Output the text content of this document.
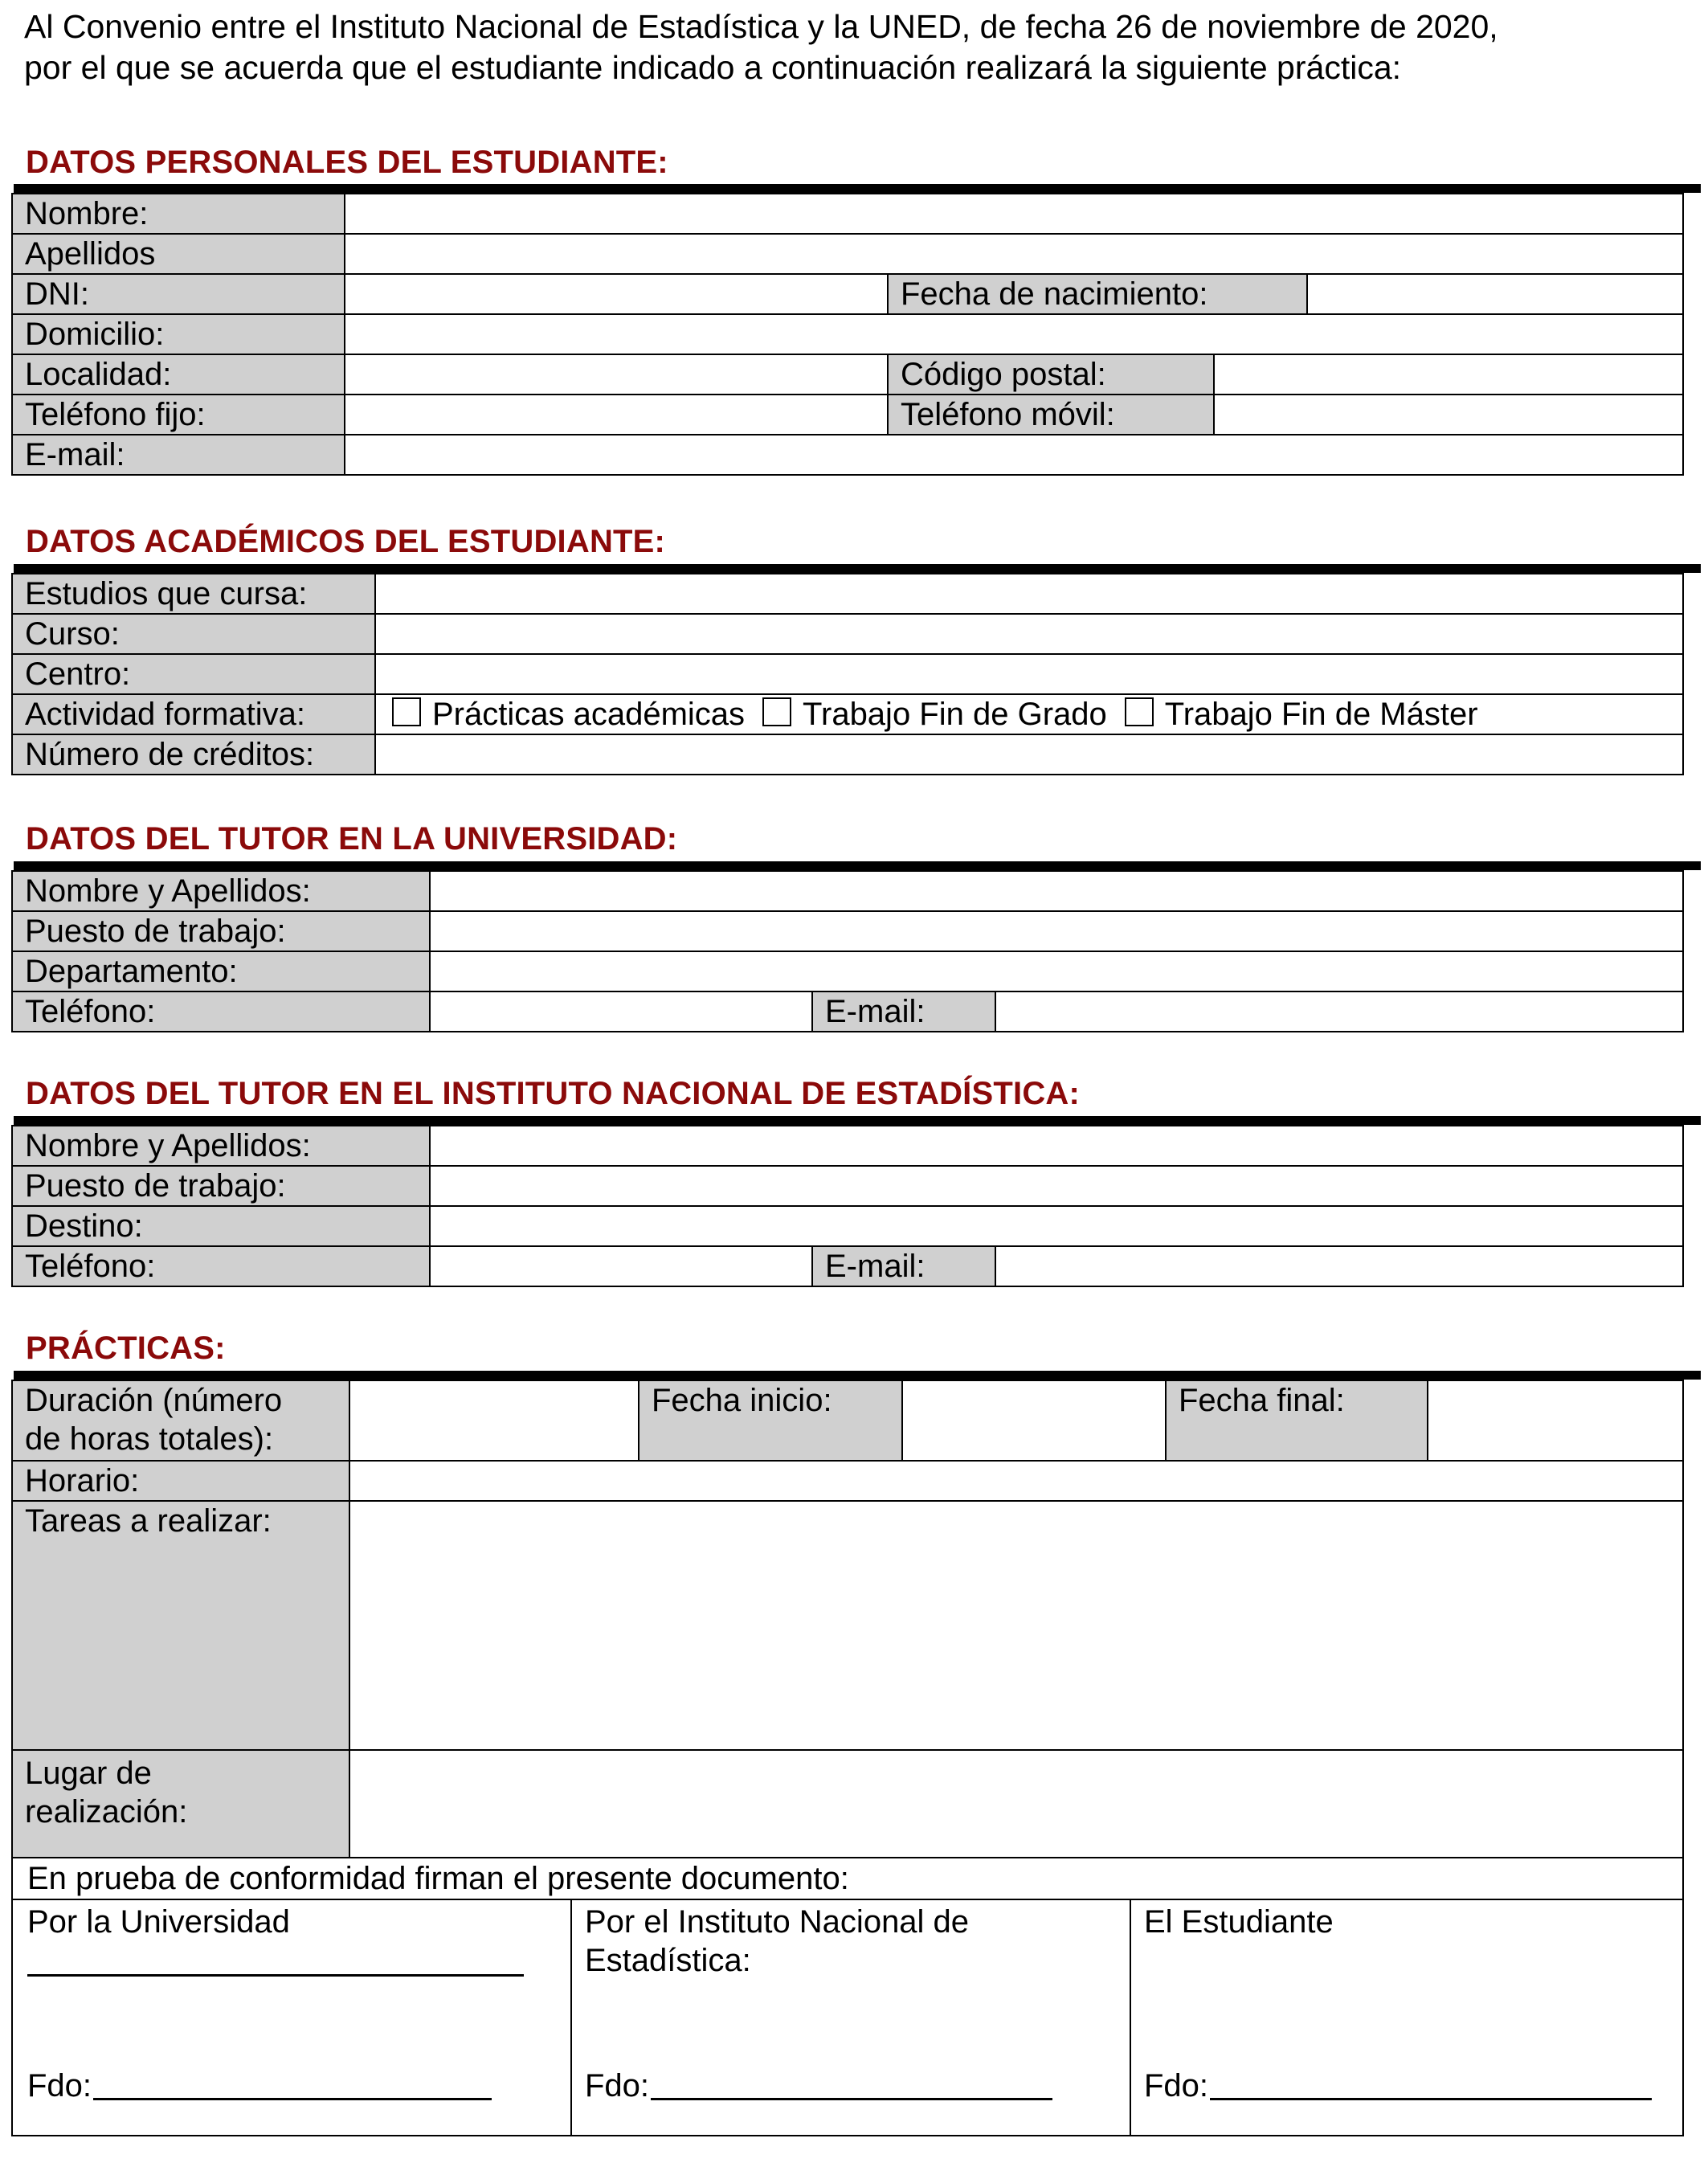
Al Convenio entre el Instituto Nacional de Estadística y la UNED, de fecha 26 de noviembre de 2020,
por el que se acuerda que el estudiante indicado a continuación realizará la siguiente práctica:
DATOS PERSONALES DEL ESTUDIANTE:
Nombre:
Apellidos
DNI:	Fecha de nacimiento:
Domicilio:
Localidad:	Código postal:
Teléfono fijo:	Teléfono móvil:
E-mail:
DATOS ACADÉMICOS DEL ESTUDIANTE:
Estudios que cursa:
Curso:
Centro:
Actividad formativa:	Prácticas académicas Trabajo Fin de Grado Trabajo Fin de Máster
Número de créditos:
DATOS DEL TUTOR EN LA UNIVERSIDAD:
Nombre y Apellidos:
Puesto de trabajo:
Departamento:
Teléfono:	E-mail:
DATOS DEL TUTOR EN EL INSTITUTO NACIONAL DE ESTADÍSTICA:
Nombre y Apellidos:
Puesto de trabajo:
Destino:
Teléfono:	E-mail:
PRÁCTICAS:
Duración (número
de horas totales):
Fecha inicio:	Fecha final:
Horario:
Tareas a realizar:
Lugar de
realización:
En prueba de conformidad firman el presente documento:
Por la Universidad
Fdo:
Por el Instituto Nacional de
Estadística:
Fdo:
El Estudiante
Fdo:
